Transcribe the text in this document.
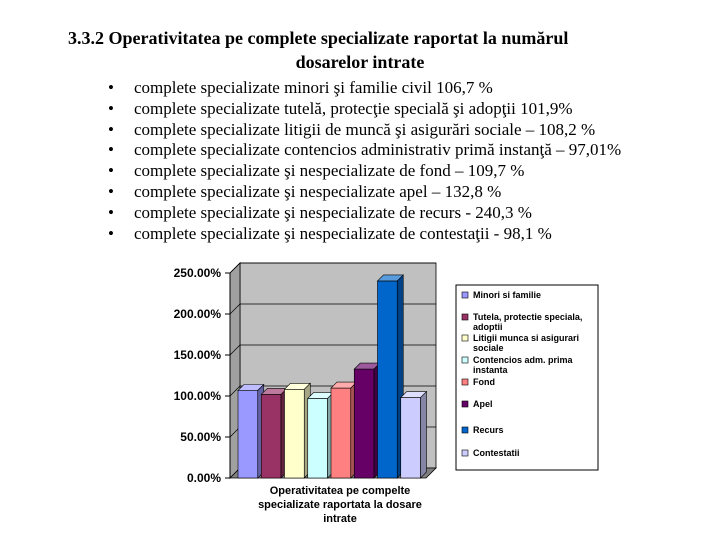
3.3.2 Operativitatea pe complete specializate raportat la numărul
dosarelor intrate
• complete specializate minori şi familie civil 106,7 %
• complete specializate tutelă, protecţie specială şi adopţii 101,9%
• complete specializate litigii de muncă şi asigurări sociale – 108,2 %
• complete specializate contencios administrativ primă instanţă – 97,01%
• complete specializate şi nespecializate de fond – 109,7 %
• complete specializate şi nespecializate apel – 132,8 %
• complete specializate şi nespecializate de recurs - 240,3 %
• complete specializate şi nespecializate de contestaţii - 98,1 %
0.00%
50.00%
100.00%
150.00%
200.00%
250.00%
Operativitatea pe compelte
specializate raportata la dosare
intrate
Minori si familie
Tutela, protectie speciala,
adoptii
Litigii munca si asigurari
sociale
Contencios adm. prima
instanta
Fond
Apel
Recurs
Contestatii
